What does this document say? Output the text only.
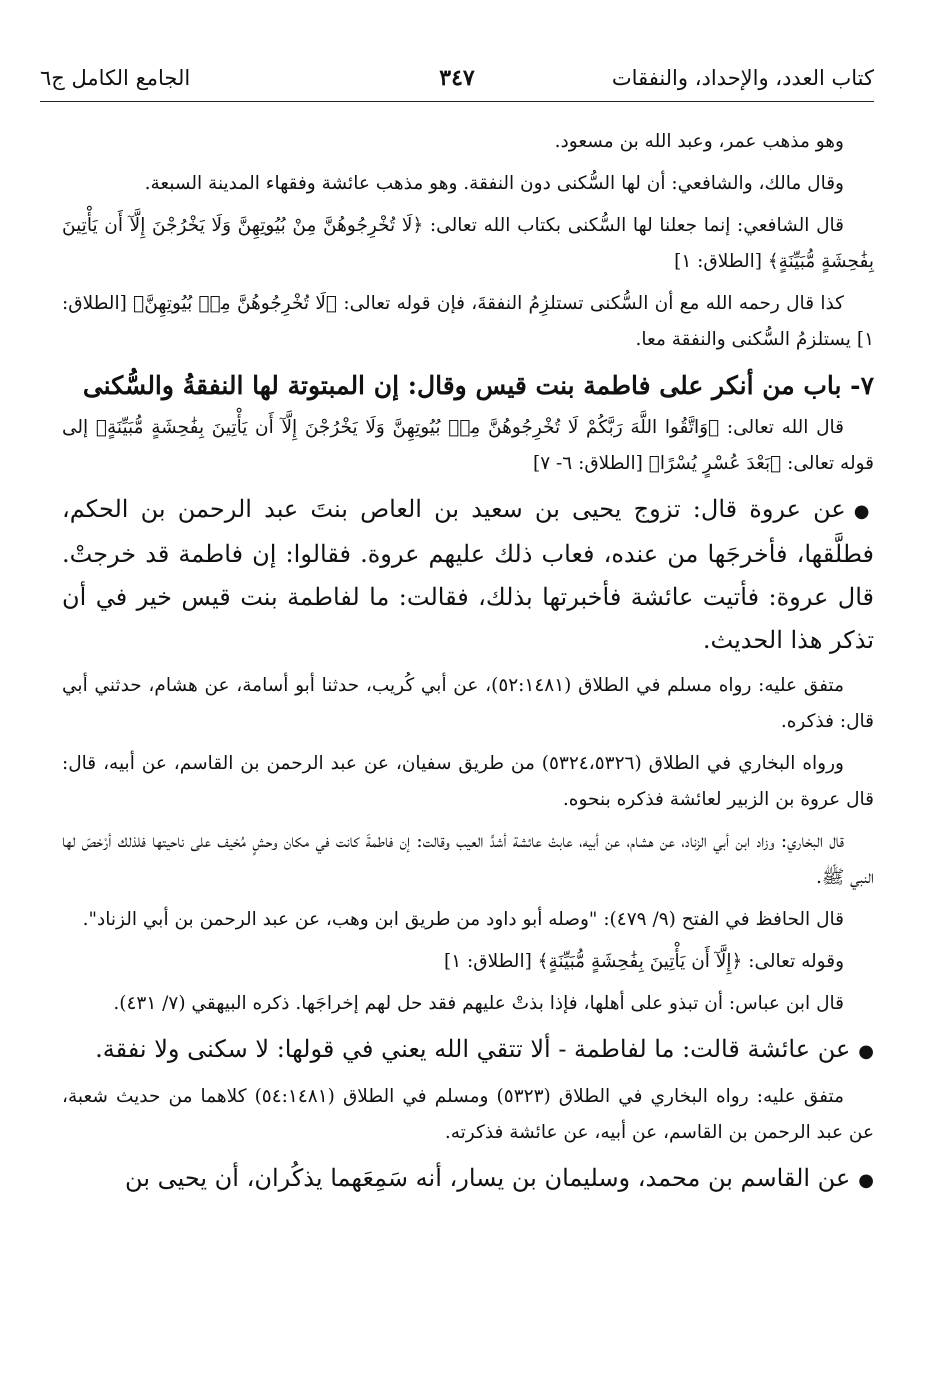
كتاب العدد، والإحداد، والنفقات
٣٤٧
الجامع الكامل ج٦

وهو مذهب عمر، وعبد الله بن مسعود.

وقال مالك، والشافعي: أن لها السُّكنى دون النفقة. وهو مذهب عائشة وفقهاء المدينة السبعة.

قال الشافعي: إنما جعلنا لها السُّكنى بكتاب الله تعالى: ﴿لَا تُخْرِجُوهُنَّ مِنْ بُيُوتِهِنَّ وَلَا يَخْرُجْنَ إِلَّآ أَن يَأْتِينَ بِفَٰحِشَةٍ مُّبَيِّنَةٍ﴾ [الطلاق: ١]

كذا قال رحمه الله مع أن السُّكنى تستلزِمُ النفقةَ، فإن قوله تعالى: ﴿لَا تُخْرِجُوهُنَّ مِنۢ بُيُوتِهِنَّ﴾ [الطلاق: ١] يستلزمُ السُّكنى والنفقة معا.

٧- باب من أنكر على فاطمة بنت قيس وقال: إن المبتوتة لها النفقةُ والسُّكنى

قال الله تعالى: ﴿وَاتَّقُوا اللَّهَ رَبَّكُمْ لَا تُخْرِجُوهُنَّ مِنۢ بُيُوتِهِنَّ وَلَا يَخْرُجْنَ إِلَّآ أَن يَأْتِينَ بِفَٰحِشَةٍ مُّبَيِّنَةٍ﴾ إلى قوله تعالى: ﴿بَعْدَ عُسْرٍ يُسْرًا﴾ [الطلاق: ٦- ٧]

●عن عروة قال: تزوج يحيى بن سعيد بن العاص بنتَ عبد الرحمن بن الحكم، فطلَّقها، فأخرجَها من عنده، فعاب ذلك عليهم عروة. فقالوا: إن فاطمة قد خرجتْ. قال عروة: فأتيت عائشة فأخبرتها بذلك، فقالت: ما لفاطمة بنت قيس خير في أن تذكر هذا الحديث.

متفق عليه: رواه مسلم في الطلاق (٥٢:١٤٨١)، عن أبي كُريب، حدثنا أبو أسامة، عن هشام، حدثني أبي قال: فذكره.

ورواه البخاري في الطلاق (٥٣٢٤،٥٣٢٦) من طريق سفيان، عن عبد الرحمن بن القاسم، عن أبيه، قال: قال عروة بن الزبير لعائشة فذكره بنحوه.

قال البخاري: وزاد ابن أبي الزناد، عن هشام، عن أبيه، عابتْ عائشة أشدَّ العيب وقالت: إن فاطمةَ كانت في مكان وحشٍ مُخيف على ناحيتها فلذلك أرْخصَ لها النبي ﷺ.

قال الحافظ في الفتح (٩/ ٤٧٩): "وصله أبو داود من طريق ابن وهب، عن عبد الرحمن بن أبي الزناد".

وقوله تعالى: ﴿إِلَّآ أَن يَأْتِينَ بِفَٰحِشَةٍ مُّبَيِّنَةٍ﴾ [الطلاق: ١]

قال ابن عباس: أن تبذو على أهلها، فإذا بذتْ عليهم فقد حل لهم إخراجَها. ذكره البيهقي (٧/ ٤٣١).

●عن عائشة قالت: ما لفاطمة - ألا تتقي الله يعني في قولها: لا سكنى ولا نفقة.

متفق عليه: رواه البخاري في الطلاق (٥٣٢٣) ومسلم في الطلاق (٥٤:١٤٨١) كلاهما من حديث شعبة، عن عبد الرحمن بن القاسم، عن أبيه، عن عائشة فذكرته.

●عن القاسم بن محمد، وسليمان بن يسار، أنه سَمِعَهما يذكُران، أن يحيى بن
